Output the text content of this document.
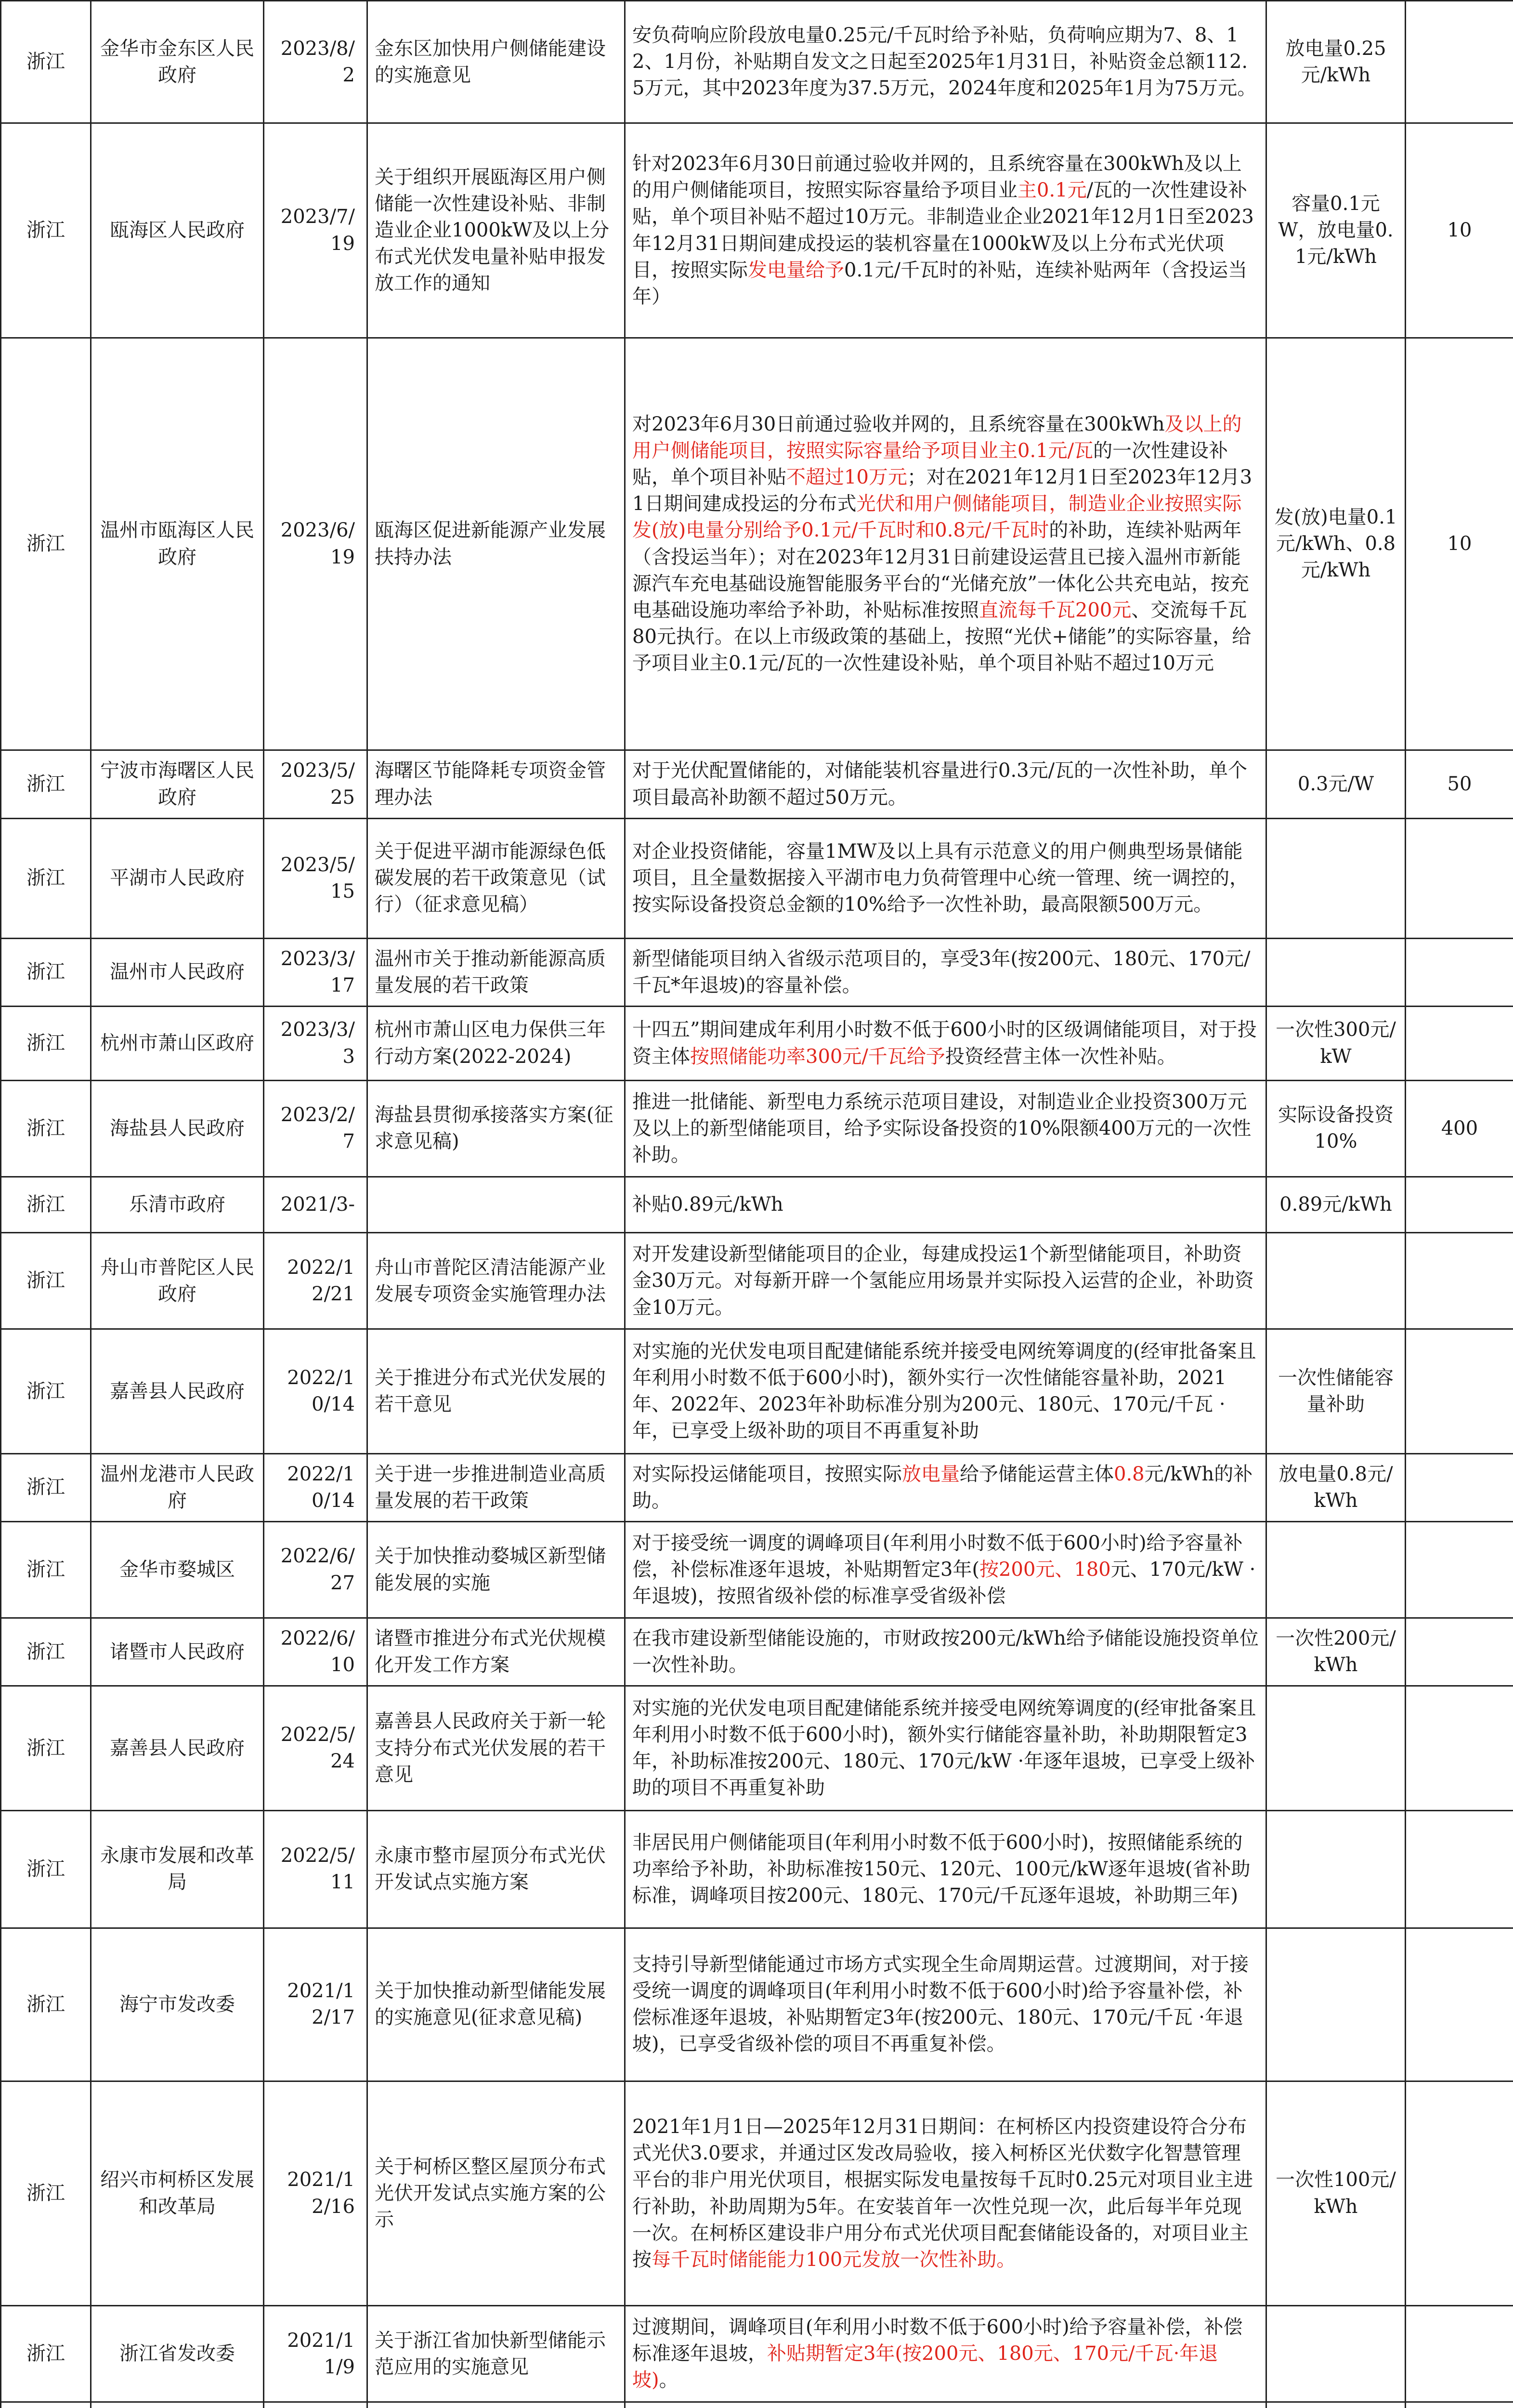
浙江	金华市金东区人民政府	2023/8/2	金东区加快用户侧储能建设的实施意见	安负荷响应阶段放电量0.25元/千瓦时给予补贴，负荷响应期为7、8、12、1月份，补贴期自发文之日起至2025年1月31日，补贴资金总额112.5万元，其中2023年度为37.5万元，2024年度和2025年1月为75万元。	放电量0.25元/kWh	
浙江	瓯海区人民政府	2023/7/19	关于组织开展瓯海区用户侧储能一次性建设补贴、非制造业企业1000kW及以上分布式光伏发电量补贴申报发放工作的通知	针对2023年6月30日前通过验收并网的，且系统容量在300kWh及以上的用户侧储能项目，按照实际容量给予项目业主0.1元/瓦的一次性建设补贴，单个项目补贴不超过10万元。非制造业企业2021年12月1日至2023年12月31日期间建成投运的装机容量在1000kW及以上分布式光伏项目，按照实际发电量给予0.1元/千瓦时的补贴，连续补贴两年（含投运当年）	容量0.1元W，放电量0.1元/kWh	10
浙江	温州市瓯海区人民政府	2023/6/19	瓯海区促进新能源产业发展扶持办法	对2023年6月30日前通过验收并网的，且系统容量在300kWh及以上的用户侧储能项目，按照实际容量给予项目业主0.1元/瓦的一次性建设补贴，单个项目补贴不超过10万元；对在2021年12月1日至2023年12月31日期间建成投运的分布式光伏和用户侧储能项目，制造业企业按照实际发(放)电量分别给予0.1元/千瓦时和0.8元/千瓦时的补助，连续补贴两年（含投运当年）；对在2023年12月31日前建设运营且已接入温州市新能源汽车充电基础设施智能服务平台的“光储充放”一体化公共充电站，按充电基础设施功率给予补助，补贴标准按照直流每千瓦200元、交流每千瓦80元执行。在以上市级政策的基础上，按照“光伏+储能”的实际容量，给予项目业主0.1元/瓦的一次性建设补贴，单个项目补贴不超过10万元	发(放)电量0.1元/kWh、0.8元/kWh	10
浙江	宁波市海曙区人民政府	2023/5/25	海曙区节能降耗专项资金管理办法	对于光伏配置储能的，对储能装机容量进行0.3元/瓦的一次性补助，单个项目最高补助额不超过50万元。	0.3元/W	50
浙江	平湖市人民政府	2023/5/15	关于促进平湖市能源绿色低碳发展的若干政策意见（试行）（征求意见稿）	对企业投资储能，容量1MW及以上具有示范意义的用户侧典型场景储能项目，且全量数据接入平湖市电力负荷管理中心统一管理、统一调控的，按实际设备投资总金额的10%给予一次性补助，最高限额500万元。		
浙江	温州市人民政府	2023/3/17	温州市关于推动新能源高质量发展的若干政策	新型储能项目纳入省级示范项目的，享受3年(按200元、180元、170元/千瓦*年退坡)的容量补偿。		
浙江	杭州市萧山区政府	2023/3/3	杭州市萧山区电力保供三年行动方案(2022-2024)	十四五”期间建成年利用小时数不低于600小时的区级调储能项目，对于投资主体按照储能功率300元/千瓦给予投资经营主体一次性补贴。	一次性300元/kW	
浙江	海盐县人民政府	2023/2/7	海盐县贯彻承接落实方案(征求意见稿)	推进一批储能、新型电力系统示范项目建设，对制造业企业投资300万元及以上的新型储能项目，给予实际设备投资的10%限额400万元的一次性补助。	实际设备投资10%	400
浙江	乐清市政府	2021/3-		补贴0.89元/kWh	0.89元/kWh	
浙江	舟山市普陀区人民政府	2022/12/21	舟山市普陀区清洁能源产业发展专项资金实施管理办法	对开发建设新型储能项目的企业，每建成投运1个新型储能项目，补助资金30万元。对每新开辟一个氢能应用场景并实际投入运营的企业，补助资金10万元。		
浙江	嘉善县人民政府	2022/10/14	关于推进分布式光伏发展的若干意见	对实施的光伏发电项目配建储能系统并接受电网统筹调度的(经审批备案且年利用小时数不低于600小时)，额外实行一次性储能容量补助，2021年、2022年、2023年补助标准分别为200元、180元、170元/千瓦 ·年，已享受上级补助的项目不再重复补助	一次性储能容量补助	
浙江	温州龙港市人民政府	2022/10/14	关于进一步推进制造业高质量发展的若干政策	对实际投运储能项目，按照实际放电量给予储能运营主体0.8元/kWh的补助。	放电量0.8元/kWh	
浙江	金华市婺城区	2022/6/27	关于加快推动婺城区新型储能发展的实施	对于接受统一调度的调峰项目(年利用小时数不低于600小时)给予容量补偿，补偿标准逐年退坡，补贴期暂定3年(按200元、180元、170元/kW ·年退坡)，按照省级补偿的标准享受省级补偿		
浙江	诸暨市人民政府	2022/6/10	诸暨市推进分布式光伏规模化开发工作方案	在我市建设新型储能设施的，市财政按200元/kWh给予储能设施投资单位一次性补助。	一次性200元/kWh	
浙江	嘉善县人民政府	2022/5/24	嘉善县人民政府关于新一轮支持分布式光伏发展的若干意见	对实施的光伏发电项目配建储能系统并接受电网统筹调度的(经审批备案且年利用小时数不低于600小时)，额外实行储能容量补助，补助期限暂定3年，补助标准按200元、180元、170元/kW ·年逐年退坡，已享受上级补助的项目不再重复补助		
浙江	永康市发展和改革局	2022/5/11	永康市整市屋顶分布式光伏开发试点实施方案	非居民用户侧储能项目(年利用小时数不低于600小时)，按照储能系统的功率给予补助，补助标准按150元、120元、100元/kW逐年退坡(省补助标准，调峰项目按200元、180元、170元/千瓦逐年退坡，补助期三年)		
浙江	海宁市发改委	2021/12/17	关于加快推动新型储能发展的实施意见(征求意见稿)	支持引导新型储能通过市场方式实现全生命周期运营。过渡期间，对于接受统一调度的调峰项目(年利用小时数不低于600小时)给予容量补偿，补偿标准逐年退坡，补贴期暂定3年(按200元、180元、170元/千瓦 ·年退坡)，已享受省级补偿的项目不再重复补偿。		
浙江	绍兴市柯桥区发展和改革局	2021/12/16	关于柯桥区整区屋顶分布式光伏开发试点实施方案的公示	2021年1月1日—2025年12月31日期间：在柯桥区内投资建设符合分布式光伏3.0要求，并通过区发改局验收，接入柯桥区光伏数字化智慧管理平台的非户用光伏项目，根据实际发电量按每千瓦时0.25元对项目业主进行补助，补助周期为5年。在安装首年一次性兑现一次，此后每半年兑现一次。在柯桥区建设非户用分布式光伏项目配套储能设备的，对项目业主按每千瓦时储能能力100元发放一次性补助。	一次性100元/kWh	
浙江	浙江省发改委	2021/11/9	关于浙江省加快新型储能示范应用的实施意见	过渡期间，调峰项目(年利用小时数不低于600小时)给予容量补偿，补偿标准逐年退坡，补贴期暂定3年(按200元、180元、170元/千瓦·年退坡)。		
